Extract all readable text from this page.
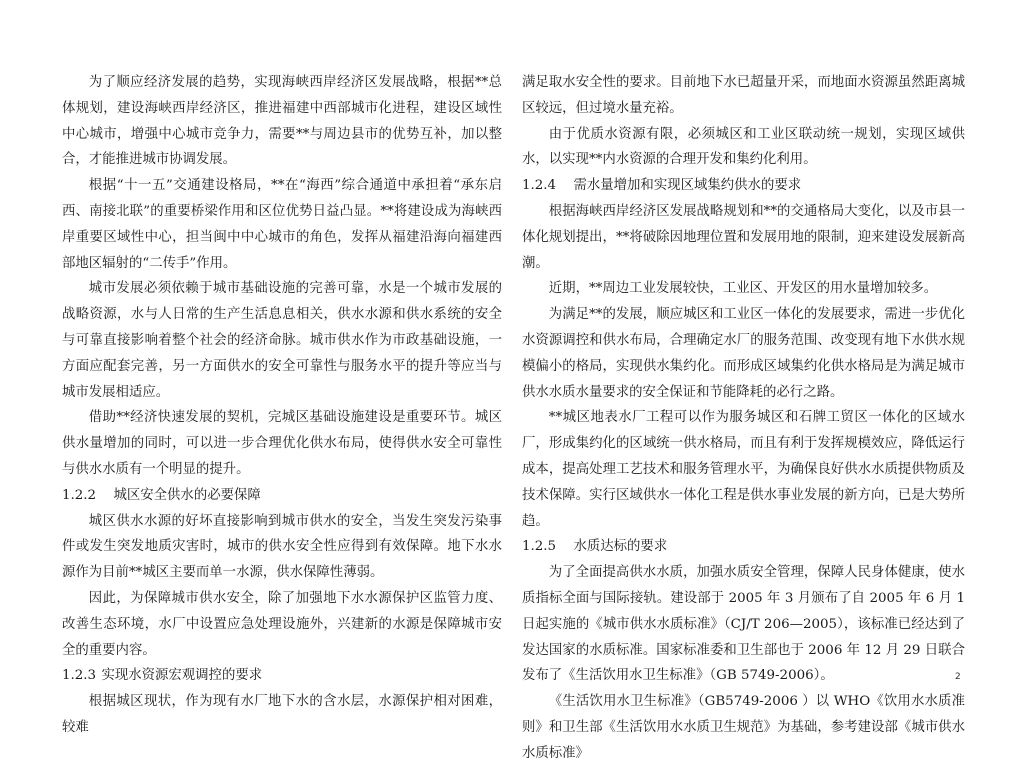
为了顺应经济发展的趋势，实现海峡西岸经济区发展战略，根据**总体规划，建设海峡西岸经济区，推进福建中西部城市化进程，建设区域性中心城市，增强中心城市竞争力，需要**与周边县市的优势互补，加以整合，才能推进城市协调发展。

根据“十一五”交通建设格局，**在“海西”综合通道中承担着“承东启西、南接北联”的重要桥梁作用和区位优势日益凸显。**将建设成为海峡西岸重要区域性中心，担当闽中中心城市的角色，发挥从福建沿海向福建西部地区辐射的“二传手”作用。

城市发展必须依赖于城市基础设施的完善可靠，水是一个城市发展的战略资源，水与人日常的生产生活息息相关，供水水源和供水系统的安全与可靠直接影响着整个社会的经济命脉。城市供水作为市政基础设施，一方面应配套完善，另一方面供水的安全可靠性与服务水平的提升等应当与城市发展相适应。

借助**经济快速发展的契机，完城区基础设施建设是重要环节。城区供水量增加的同时，可以进一步合理优化供水布局，使得供水安全可靠性与供水水质有一个明显的提升。

1.2.2 城区安全供水的必要保障

城区供水水源的好坏直接影响到城市供水的安全，当发生突发污染事件或发生突发地质灾害时，城市的供水安全性应得到有效保障。地下水水源作为目前**城区主要而单一水源，供水保障性薄弱。

因此，为保障城市供水安全，除了加强地下水水源保护区监管力度、改善生态环境，水厂中设置应急处理设施外，兴建新的水源是保障城市安全的重要内容。

1.2.3 实现水资源宏观调控的要求

根据城区现状，作为现有水厂地下水的含水层，水源保护相对困难，较难

满足取水安全性的要求。目前地下水已超量开采，而地面水资源虽然距离城区较远，但过境水量充裕。

由于优质水资源有限，必须城区和工业区联动统一规划，实现区域供水，以实现**内水资源的合理开发和集约化利用。

1.2.4 需水量增加和实现区域集约供水的要求

根据海峡西岸经济区发展战略规划和**的交通格局大变化，以及市县一体化规划提出，**将破除因地理位置和发展用地的限制，迎来建设发展新高潮。

近期，**周边工业发展较快，工业区、开发区的用水量增加较多。

为满足**的发展，顺应城区和工业区一体化的发展要求，需进一步优化水资源调控和供水布局，合理确定水厂的服务范围、改变现有地下水供水规模偏小的格局，实现供水集约化。而形成区域集约化供水格局是为满足城市供水水质水量要求的安全保证和节能降耗的必行之路。

**城区地表水厂工程可以作为服务城区和石牌工贸区一体化的区域水厂，形成集约化的区域统一供水格局，而且有利于发挥规模效应，降低运行成本，提高处理工艺技术和服务管理水平，为确保良好供水水质提供物质及技术保障。实行区域供水一体化工程是供水事业发展的新方向，已是大势所趋。

1.2.5 水质达标的要求

为了全面提高供水水质，加强水质安全管理，保障人民身体健康，使水质指标全面与国际接轨。建设部于 2005 年 3 月颁布了自 2005 年 6 月 1 日起实施的《城市供水水质标准》（CJ/T 206—2005），该标准已经达到了发达国家的水质标准。国家标准委和卫生部也于 2006 年 12 月 29 日联合发布了《生活饮用水卫生标准》（GB 5749-2006）。

《生活饮用水卫生标准》（GB5749-2006 ）以 WHO《饮用水水质准则》和卫生部《生活饮用水水质卫生规范》为基础，参考建设部《城市供水水质标准》

2
